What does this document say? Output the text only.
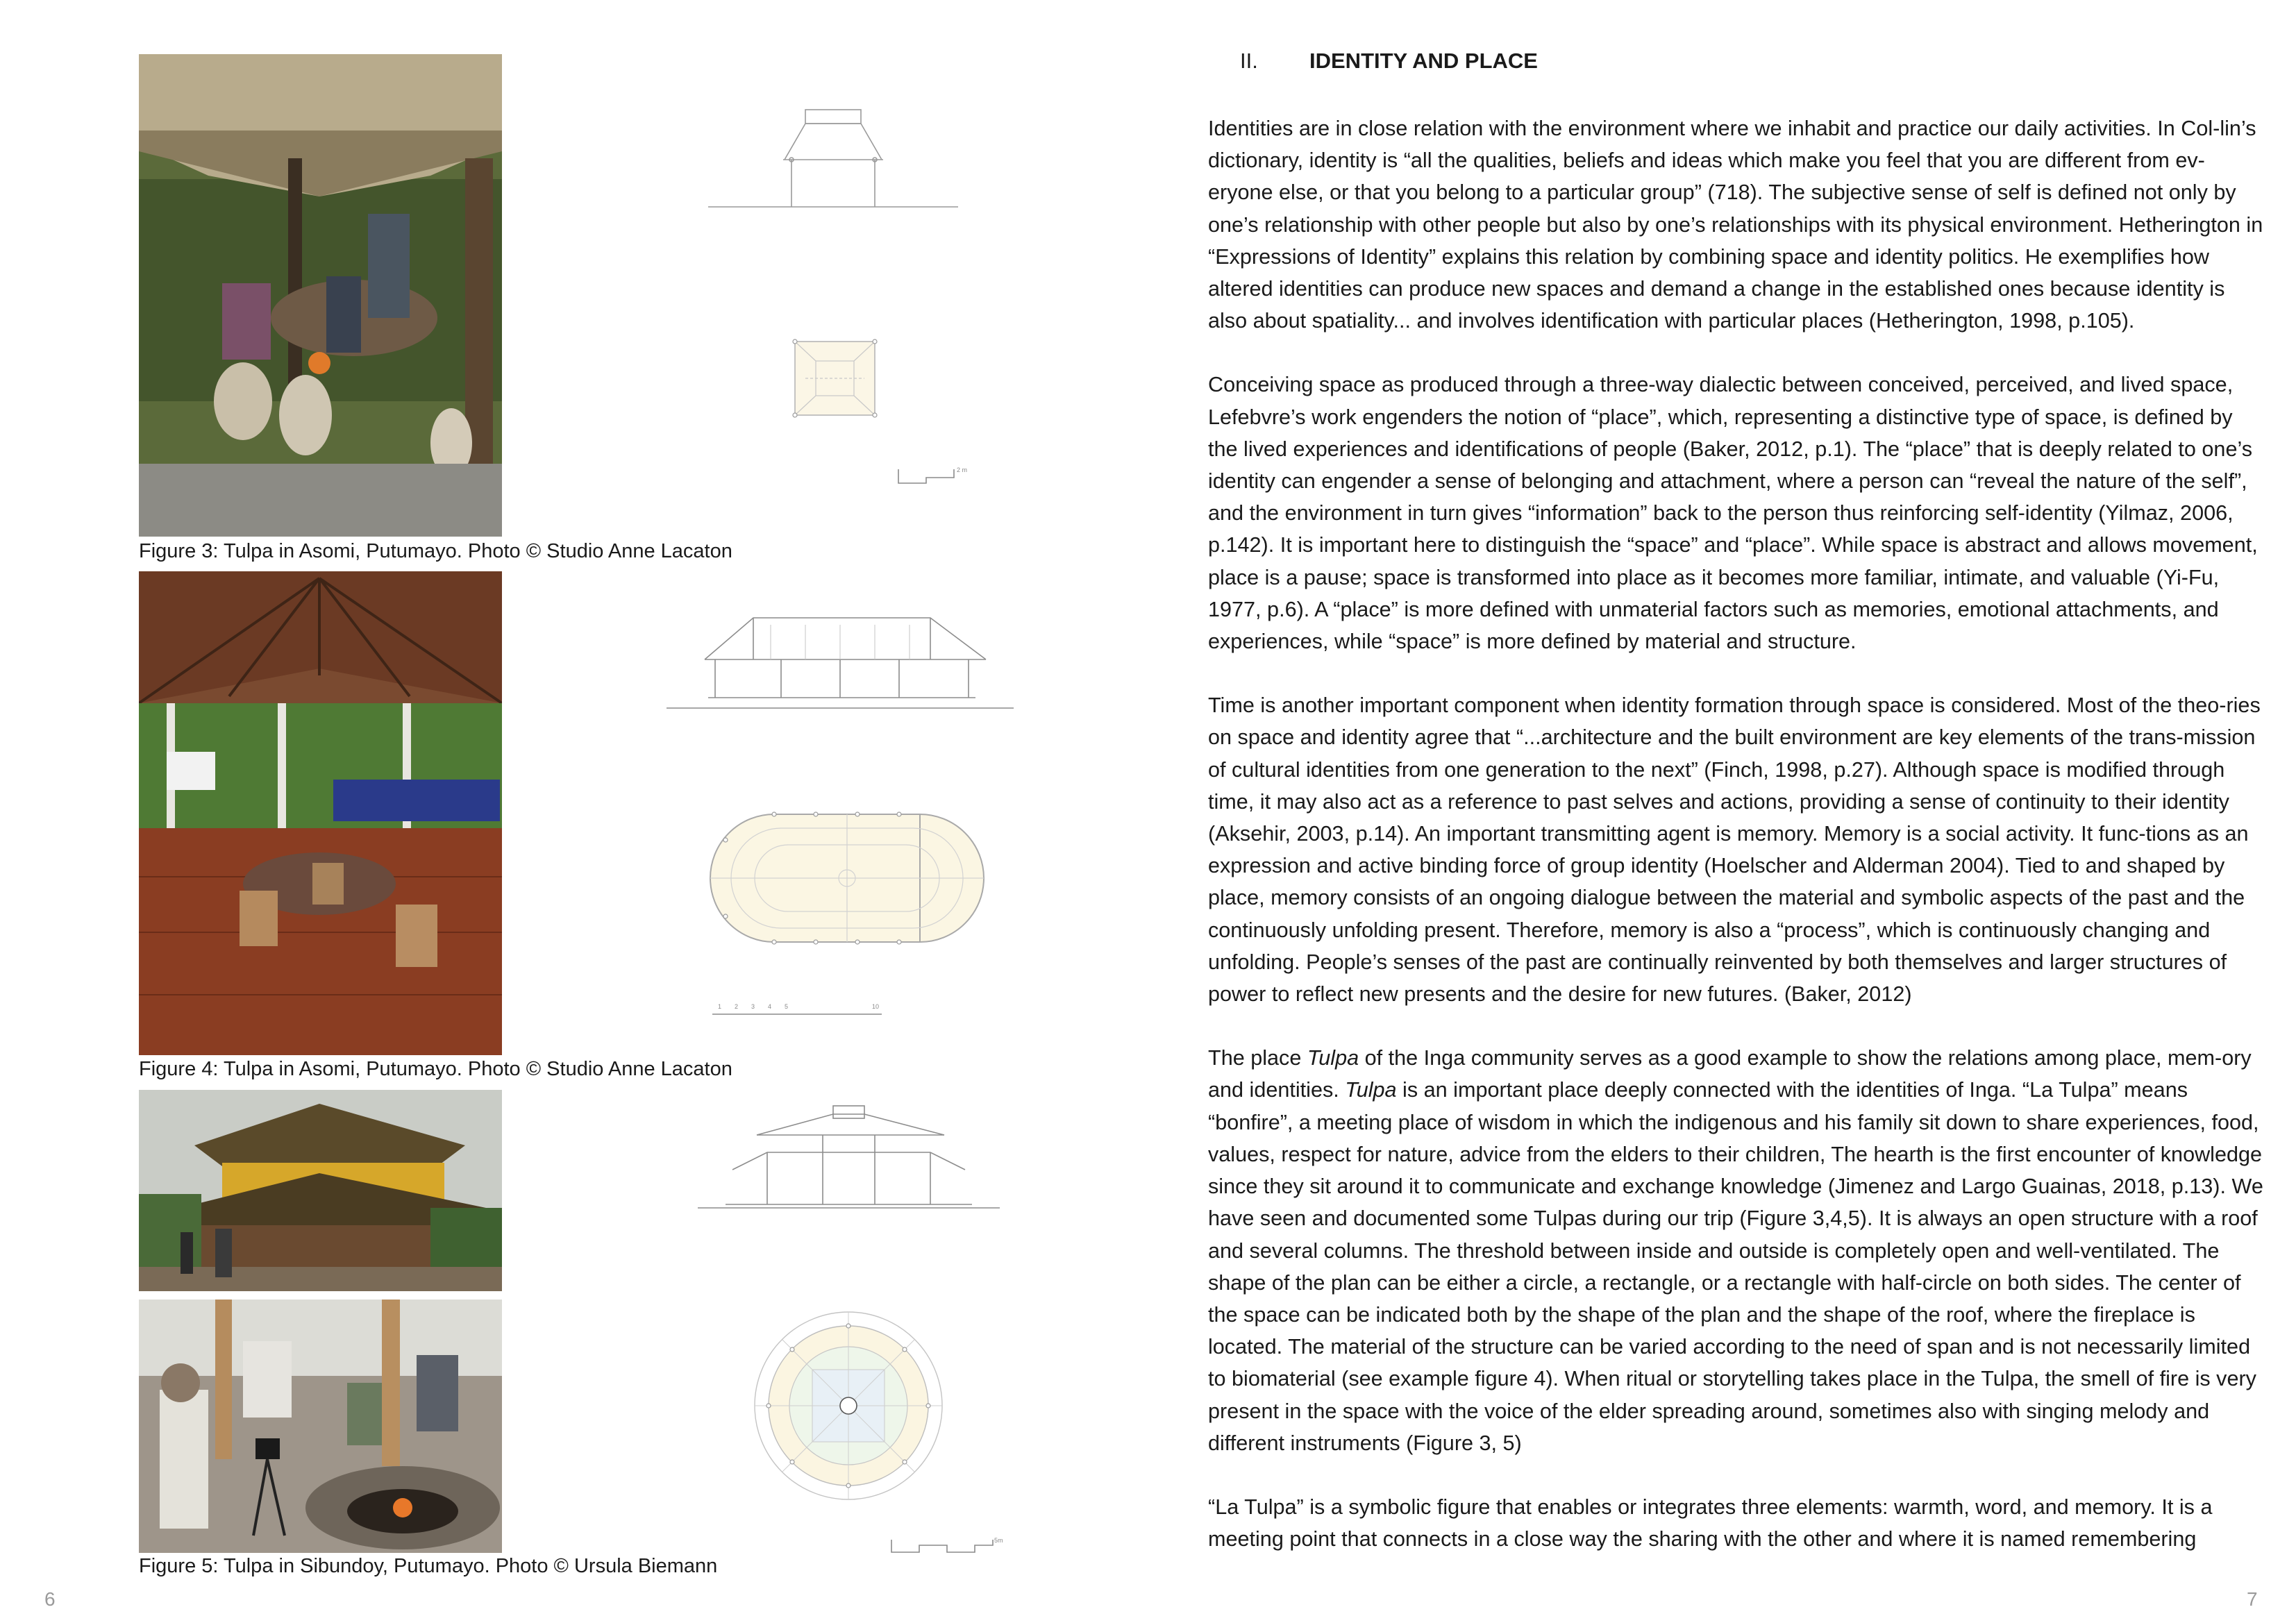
Figure 3: Tulpa in Asomi, Putumayo. Photo © Studio Anne Lacaton
Figure 4: Tulpa in Asomi, Putumayo. Photo © Studio Anne Lacaton
Figure 5: Tulpa in Sibundoy, Putumayo. Photo © Ursula Biemann
2 m
1 2 3 4 5	10
5m
6
II. IDENTITY AND PLACE

Identities are in close relation with the environment where we inhabit and practice our daily activities. In Col-lin’s dictionary, identity is “all the qualities, beliefs and ideas which make you feel that you are different from ev-eryone else, or that you belong to a particular group” (718). The subjective sense of self is defined not only by one’s relationship with other people but also by one’s relationships with its physical environment. Hetherington in “Expressions of Identity” explains this relation by combining space and identity politics. He exemplifies how altered identities can produce new spaces and demand a change in the established ones because identity is also about spatiality... and involves identification with particular places (Hetherington, 1998, p.105).

Conceiving space as produced through a three-way dialectic between conceived, perceived, and lived space, Lefebvre’s work engenders the notion of “place”, which, representing a distinctive type of space, is defined by the lived experiences and identifications of people (Baker, 2012, p.1). The “place” that is deeply related to one’s identity can engender a sense of belonging and attachment, where a person can “reveal the nature of the self”, and the environment in turn gives “information” back to the person thus reinforcing self-identity (Yilmaz, 2006, p.142). It is important here to distinguish the “space” and “place”. While space is abstract and allows movement, place is a pause; space is transformed into place as it becomes more familiar, intimate, and valuable (Yi-Fu, 1977, p.6). A “place” is more defined with unmaterial factors such as memories, emotional attachments, and experiences, while “space” is more defined by material and structure.

Time is another important component when identity formation through space is considered. Most of the theo-ries on space and identity agree that “...architecture and the built environment are key elements of the trans-mission of cultural identities from one generation to the next” (Finch, 1998, p.27). Although space is modified through time, it may also act as a reference to past selves and actions, providing a sense of continuity to their identity (Aksehir, 2003, p.14). An important transmitting agent is memory. Memory is a social activity. It func-tions as an expression and active binding force of group identity (Hoelscher and Alderman 2004). Tied to and shaped by place, memory consists of an ongoing dialogue between the material and symbolic aspects of the past and the continuously unfolding present. Therefore, memory is also a “process”, which is continuously changing and unfolding. People’s senses of the past are continually reinvented by both themselves and larger structures of power to reflect new presents and the desire for new futures. (Baker, 2012)

The place Tulpa of the Inga community serves as a good example to show the relations among place, mem-ory and identities. Tulpa is an important place deeply connected with the identities of Inga. “La Tulpa” means “bonfire”, a meeting place of wisdom in which the indigenous and his family sit down to share experiences, food, values, respect for nature, advice from the elders to their children, The hearth is the first encounter of knowledge since they sit around it to communicate and exchange knowledge (Jimenez and Largo Guainas, 2018, p.13). We have seen and documented some Tulpas during our trip (Figure 3,4,5). It is always an open structure with a roof and several columns. The threshold between inside and outside is completely open and well-ventilated. The shape of the plan can be either a circle, a rectangle, or a rectangle with half-circle on both sides. The center of the space can be indicated both by the shape of the plan and the shape of the roof, where the fireplace is located. The material of the structure can be varied according to the need of span and is not necessarily limited to biomaterial (see example figure 4). When ritual or storytelling takes place in the Tulpa, the smell of fire is very present in the space with the voice of the elder spreading around, sometimes also with singing melody and different instruments (Figure 3, 5)

“La Tulpa” is a symbolic figure that enables or integrates three elements: warmth, word, and memory. It is a meeting point that connects in a close way the sharing with the other and where it is named remembering

7
